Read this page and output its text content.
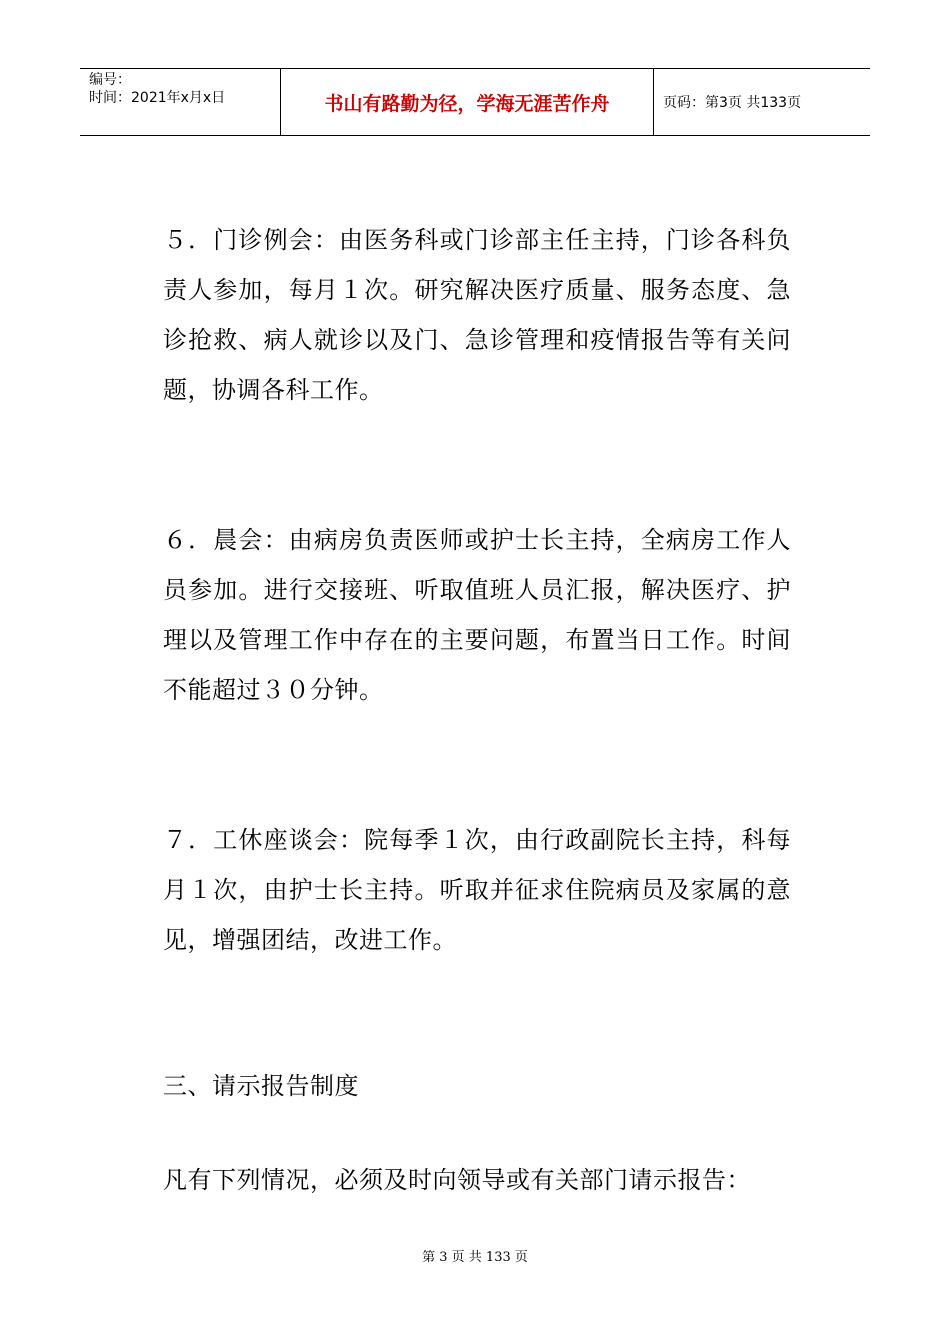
编号：
时间：2021年x月x日	书山有路勤为径，学海无涯苦作舟	页码：第3页 共133页

５．门诊例会：由医务科或门诊部主任主持，门诊各科负责人参加，每月１次。研究解决医疗质量、服务态度、急诊抢救、病人就诊以及门、急诊管理和疫情报告等有关问题，协调各科工作。

６．晨会：由病房负责医师或护士长主持，全病房工作人员参加。进行交接班、听取值班人员汇报，解决医疗、护理以及管理工作中存在的主要问题，布置当日工作。时间不能超过３０分钟。

７．工休座谈会：院每季１次，由行政副院长主持，科每月１次，由护士长主持。听取并征求住院病员及家属的意见，增强团结，改进工作。

三、请示报告制度

凡有下列情况，必须及时向领导或有关部门请示报告：

第 3 页 共 133 页
